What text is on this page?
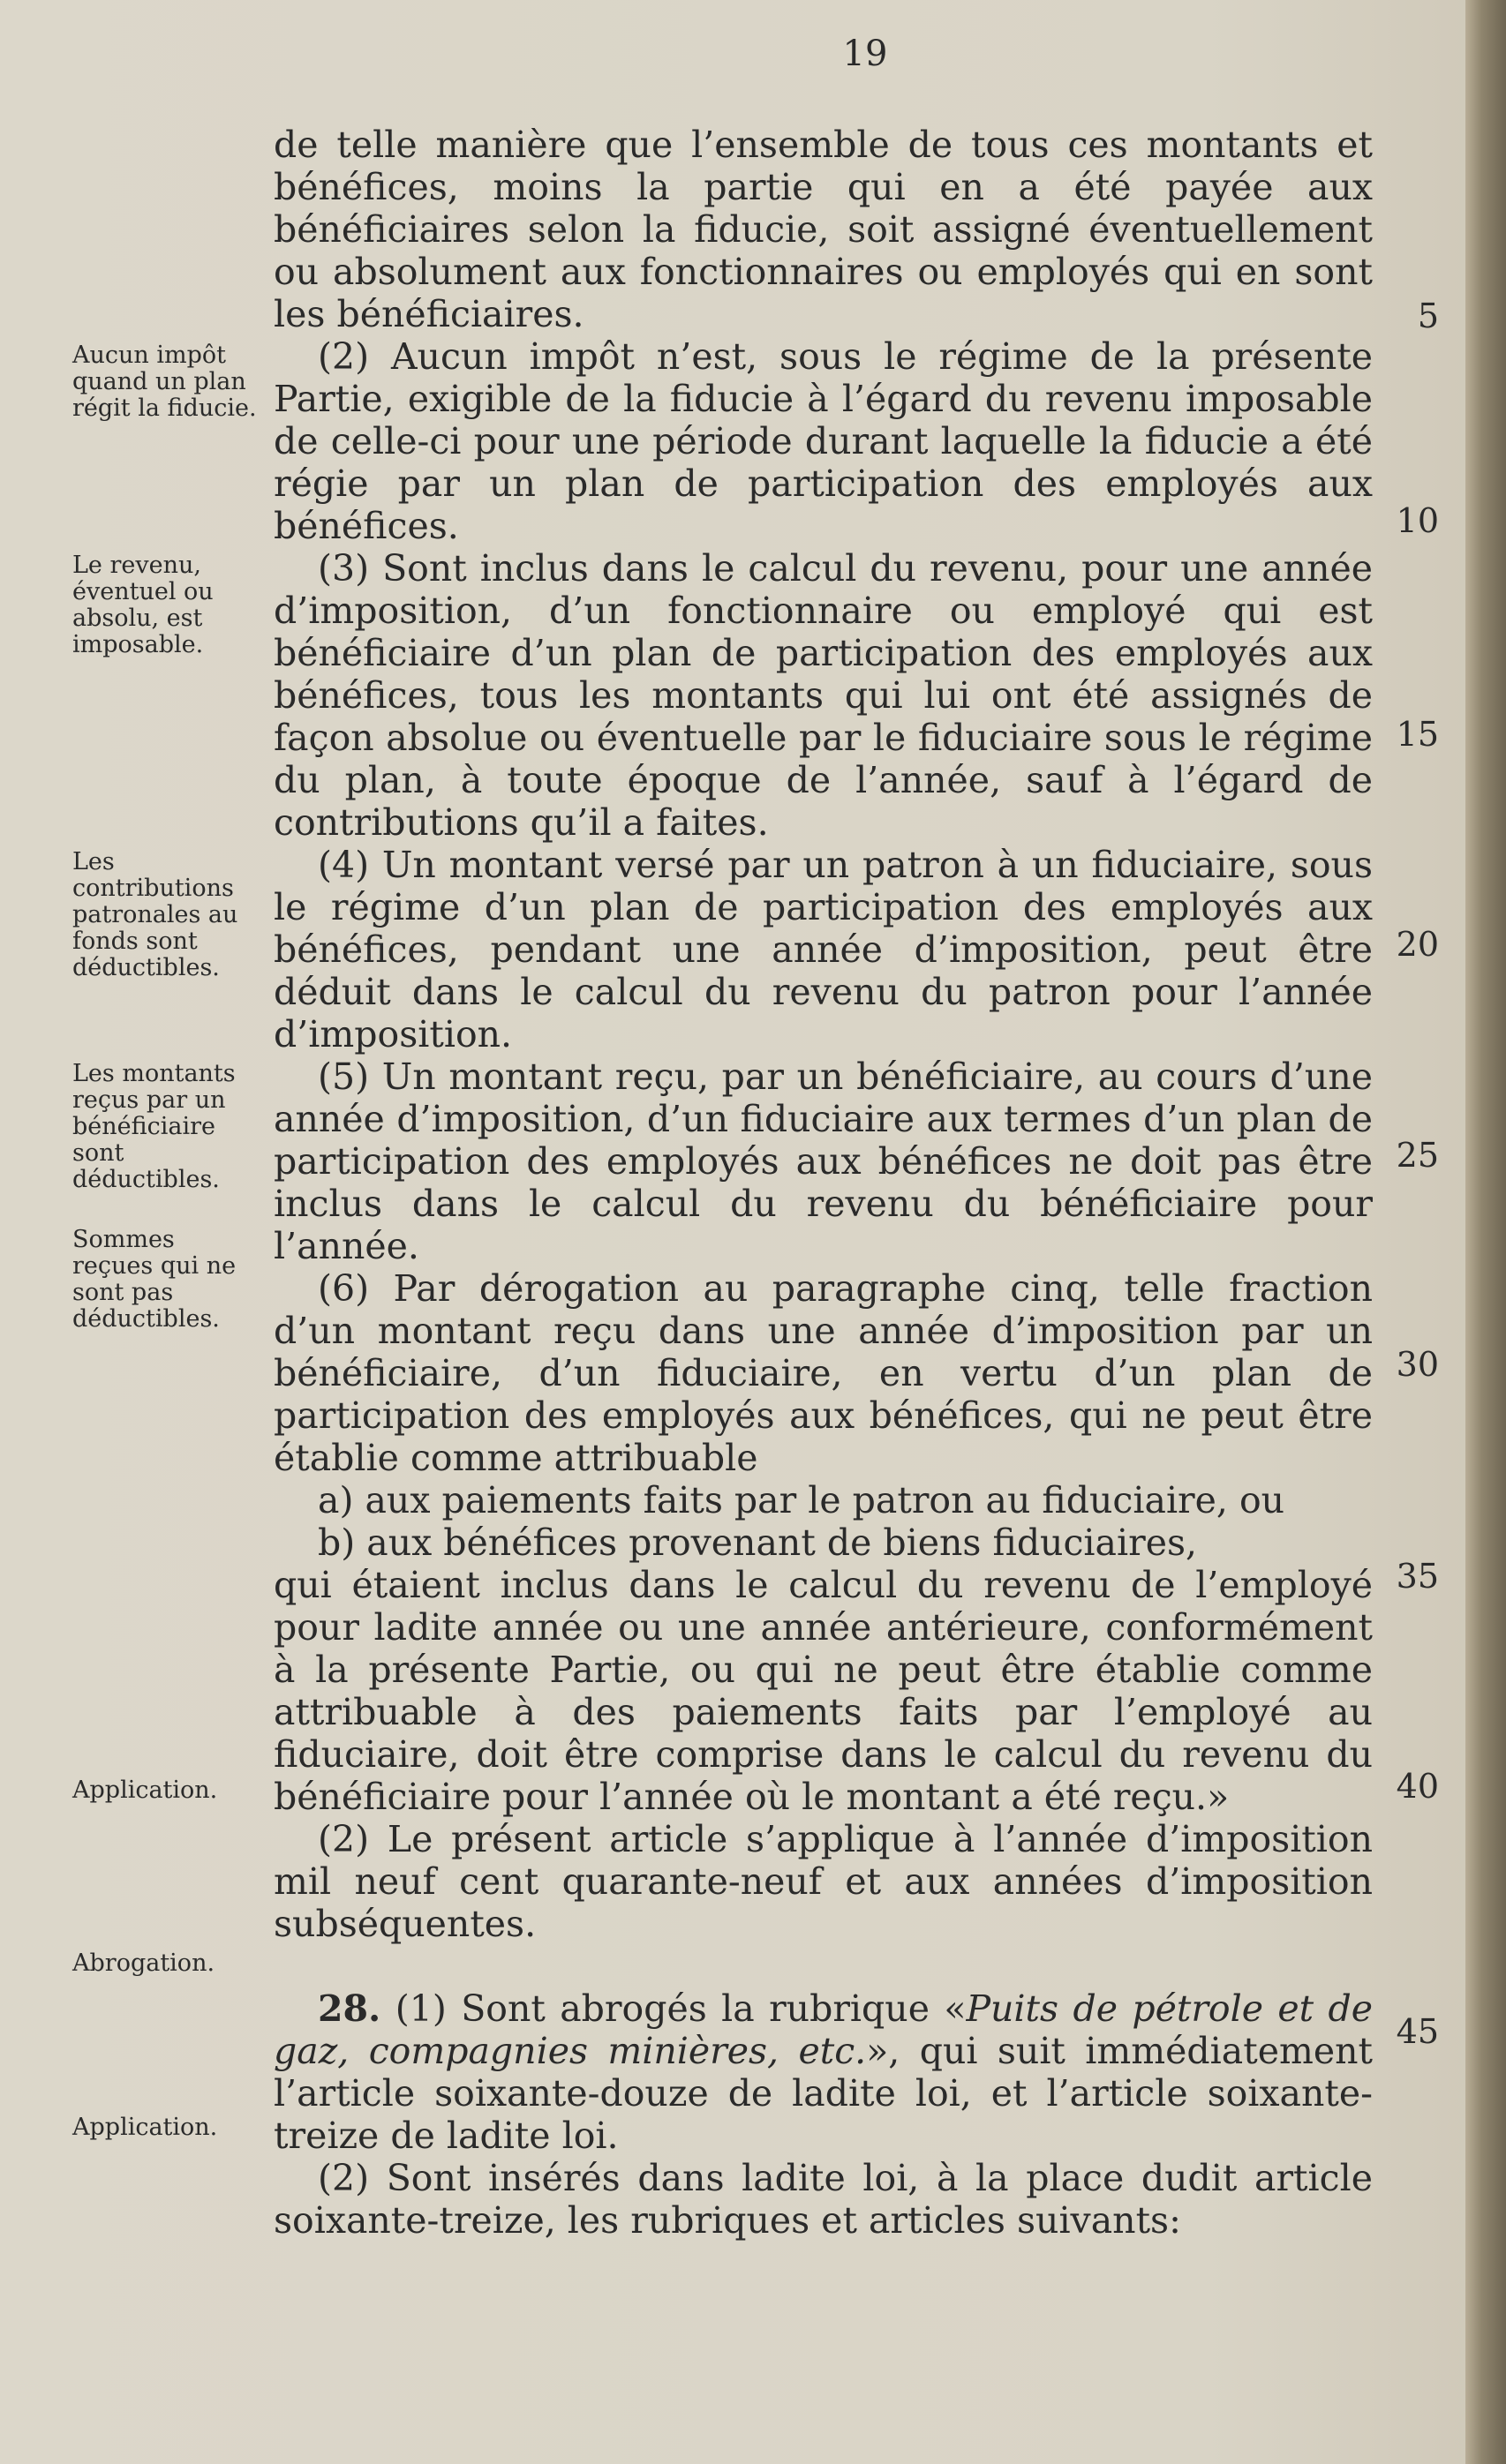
19

de telle manière que l’ensemble de tous ces montants et bénéfices, moins la partie qui en a été payée aux bénéficiaires selon la fiducie, soit assigné éventuellement ou absolument aux fonctionnaires ou employés qui en sont les bénéficiaires.

(2) Aucun impôt n’est, sous le régime de la présente Partie, exigible de la fiducie à l’égard du revenu imposable de celle-ci pour une période durant laquelle la fiducie a été régie par un plan de participation des employés aux bénéfices.

(3) Sont inclus dans le calcul du revenu, pour une année d’imposition, d’un fonctionnaire ou employé qui est bénéficiaire d’un plan de participation des employés aux bénéfices, tous les montants qui lui ont été assignés de façon absolue ou éventuelle par le fiduciaire sous le régime du plan, à toute époque de l’année, sauf à l’égard de contributions qu’il a faites.

(4) Un montant versé par un patron à un fiduciaire, sous le régime d’un plan de participation des employés aux bénéfices, pendant une année d’imposition, peut être déduit dans le calcul du revenu du patron pour l’année d’imposition.

(5) Un montant reçu, par un bénéficiaire, au cours d’une année d’imposition, d’un fiduciaire aux termes d’un plan de participation des employés aux bénéfices ne doit pas être inclus dans le calcul du revenu du bénéficiaire pour l’année.

(6) Par dérogation au paragraphe cinq, telle fraction d’un montant reçu dans une année d’imposition par un bénéficiaire, d’un fiduciaire, en vertu d’un plan de participation des employés aux bénéfices, qui ne peut être établie comme attribuable

a) aux paiements faits par le patron au fiduciaire, ou

b) aux bénéfices provenant de biens fiduciaires,

qui étaient inclus dans le calcul du revenu de l’employé pour ladite année ou une année antérieure, conformément à la présente Partie, ou qui ne peut être établie comme attribuable à des paiements faits par l’employé au fiduciaire, doit être comprise dans le calcul du revenu du bénéficiaire pour l’année où le montant a été reçu.»

(2) Le présent article s’applique à l’année d’imposition mil neuf cent quarante-neuf et aux années d’imposition subséquentes.

28. (1) Sont abrogés la rubrique «Puits de pétrole et de gaz, compagnies minières, etc.», qui suit immédiatement l’article soixante-douze de ladite loi, et l’article soixante-treize de ladite loi.

(2) Sont insérés dans ladite loi, à la place dudit article soixante-treize, les rubriques et articles suivants:

Aucun impôt quand un plan régit la fiducie.
Le revenu, éventuel ou absolu, est imposable.
Les contributions patronales au fonds sont déductibles.
Les montants reçus par un bénéficiaire sont déductibles.
Sommes reçues qui ne sont pas déductibles.
Application.
Abrogation.
Application.
5
10
15
20
25
30
35
40
45
